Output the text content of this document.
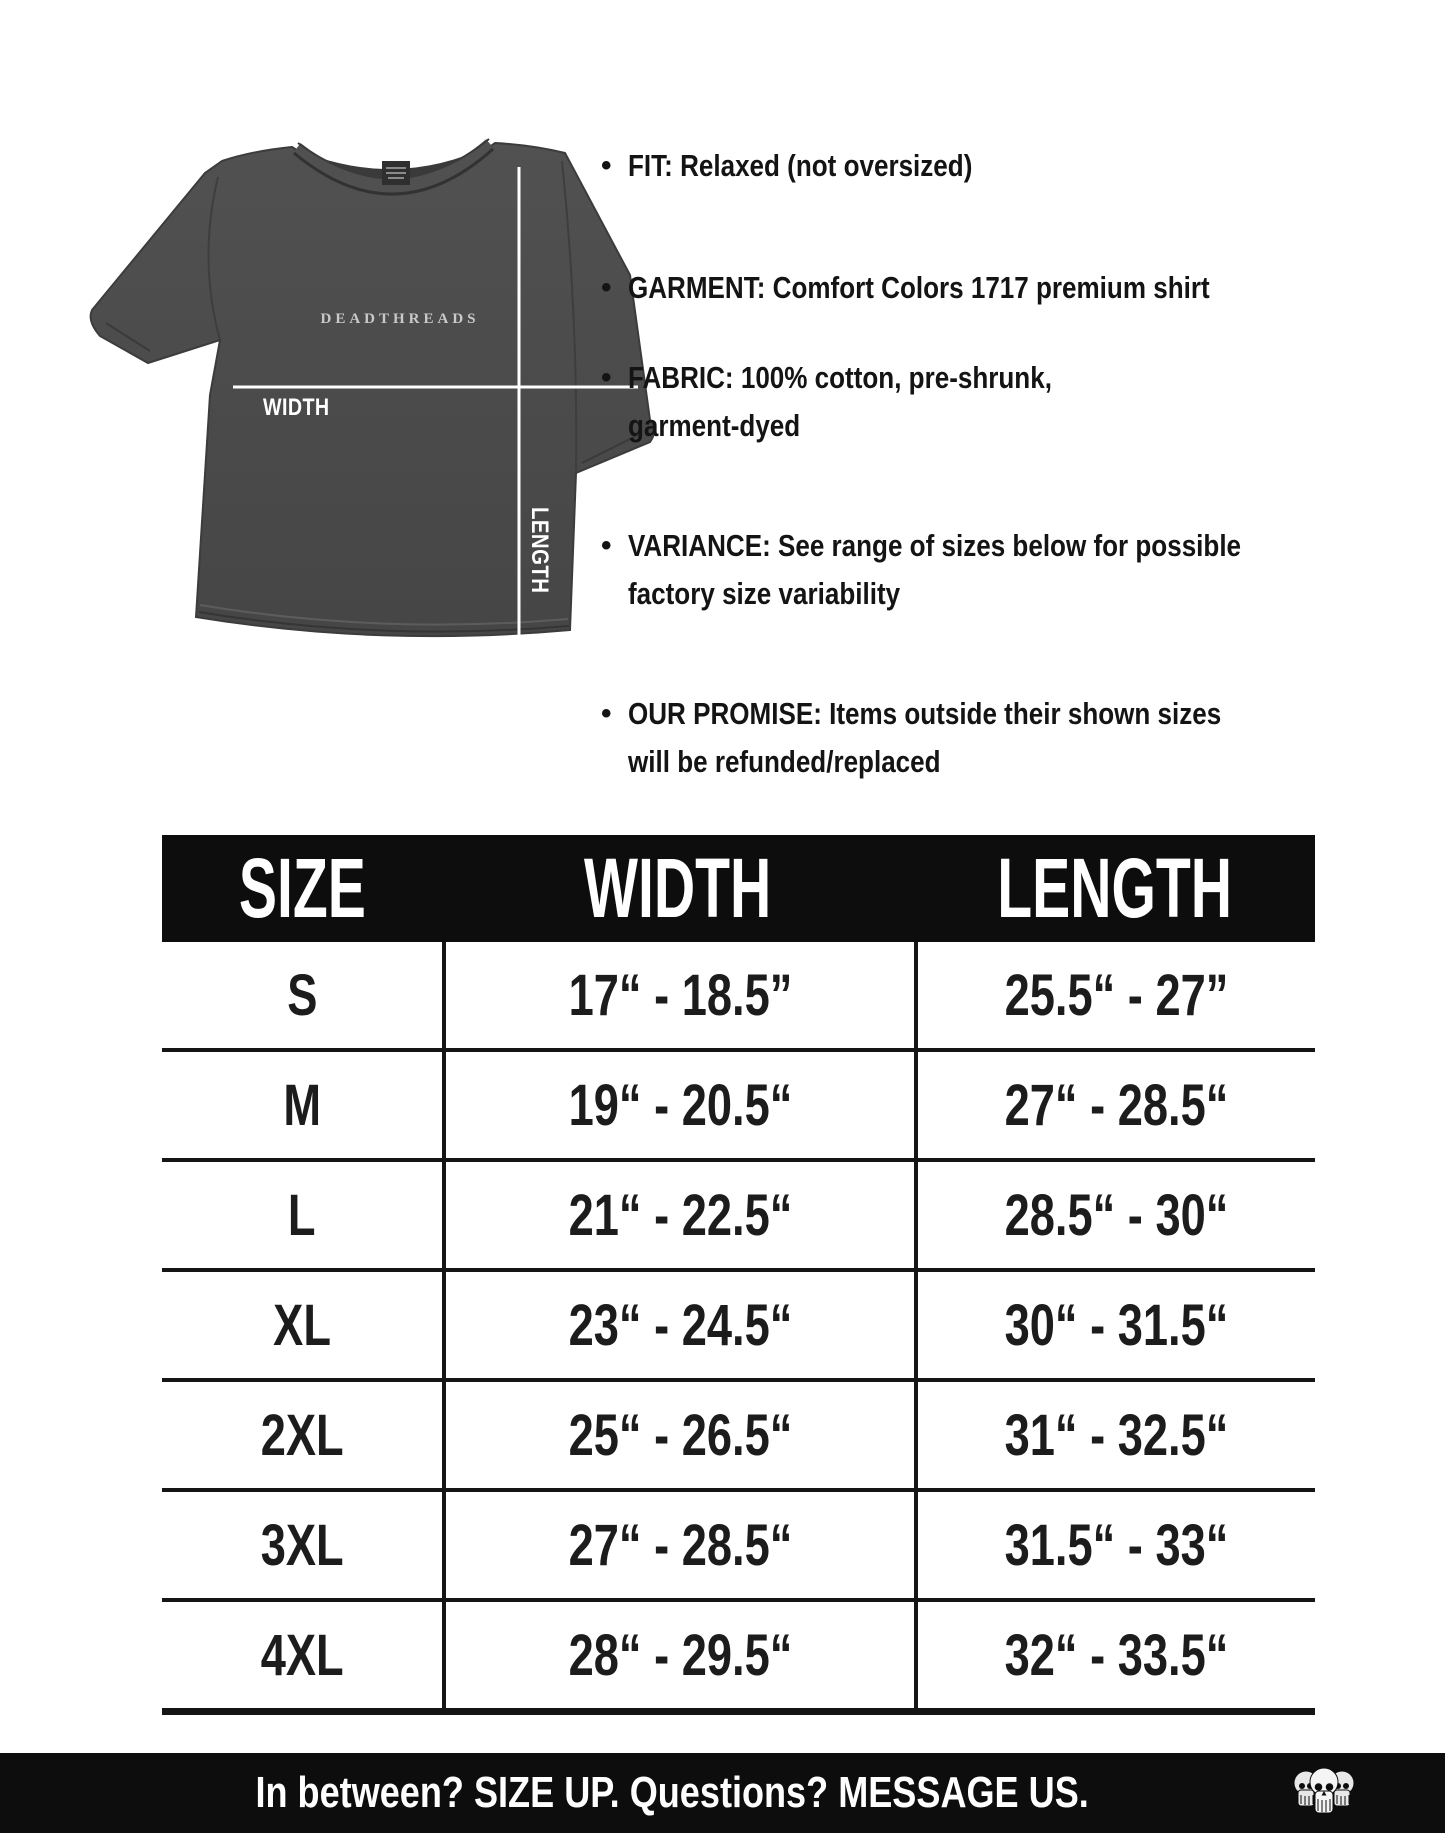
DEADTHREADS
WIDTH
LENGTH
• FIT: Relaxed (not oversized)
• GARMENT: Comfort Colors 1717 premium shirt
• FABRIC: 100% cotton, pre-shrunk,
garment-dyed
• VARIANCE: See range of sizes below for possible
factory size variability
• OUR PROMISE: Items outside their shown sizes
will be refunded/replaced
SIZE	WIDTH	LENGTH
S	17“ - 18.5”	25.5“ - 27”
M	19“ - 20.5“	27“ - 28.5“
L	21“ - 22.5“	28.5“ - 30“
XL	23“ - 24.5“	30“ - 31.5“
2XL	25“ - 26.5“	31“ - 32.5“
3XL	27“ - 28.5“	31.5“ - 33“
4XL	28“ - 29.5“	32“ - 33.5“
In between? SIZE UP. Questions? MESSAGE US.
